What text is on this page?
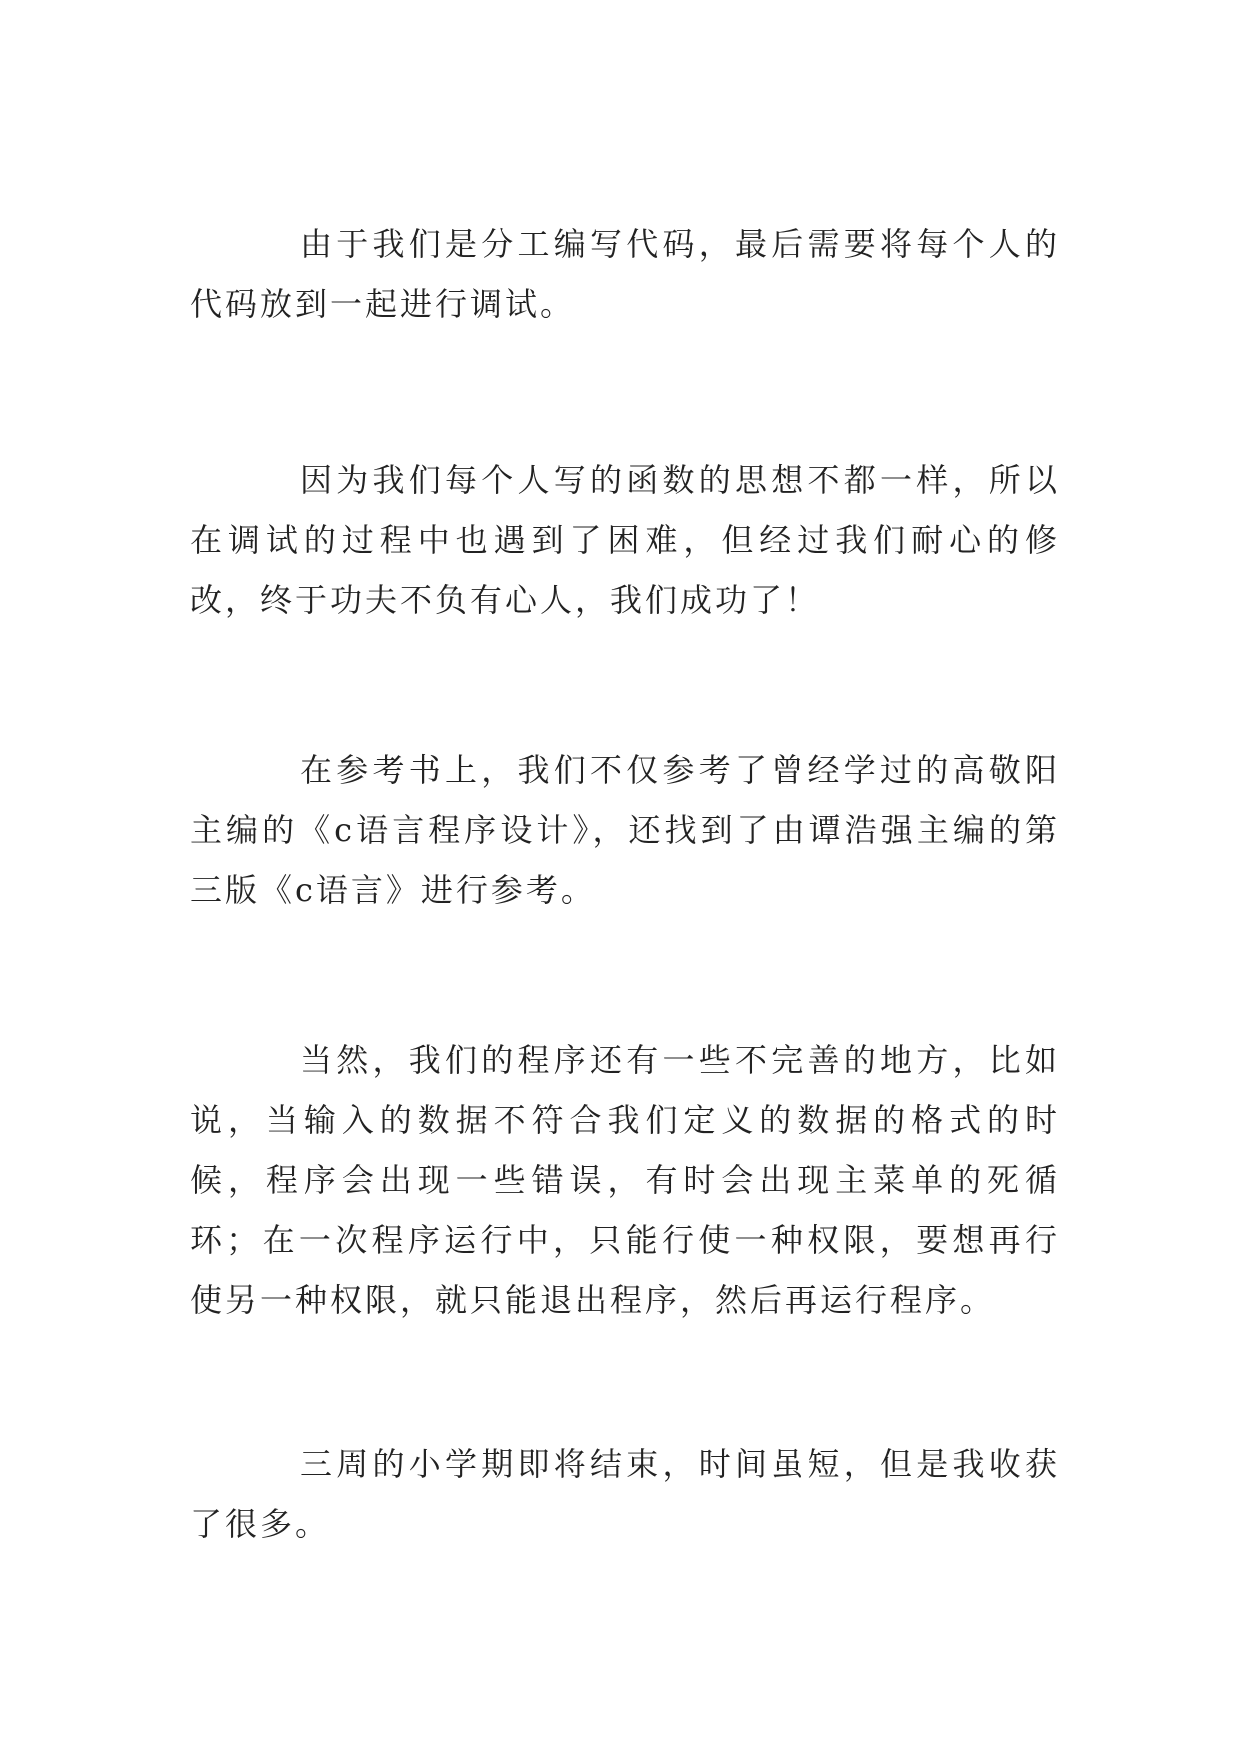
由于我们是分工编写代码，最后需要将每个人的代码放到一起进行调试。

因为我们每个人写的函数的思想不都一样，所以在调试的过程中也遇到了困难，但经过我们耐心的修改，终于功夫不负有心人，我们成功了！

在参考书上，我们不仅参考了曾经学过的高敬阳主编的《c语言程序设计》，还找到了由谭浩强主编的第三版《c语言》进行参考。

当然，我们的程序还有一些不完善的地方，比如说，当输入的数据不符合我们定义的数据的格式的时候，程序会出现一些错误，有时会出现主菜单的死循环；在一次程序运行中，只能行使一种权限，要想再行使另一种权限，就只能退出程序，然后再运行程序。

三周的小学期即将结束，时间虽短，但是我收获了很多。
